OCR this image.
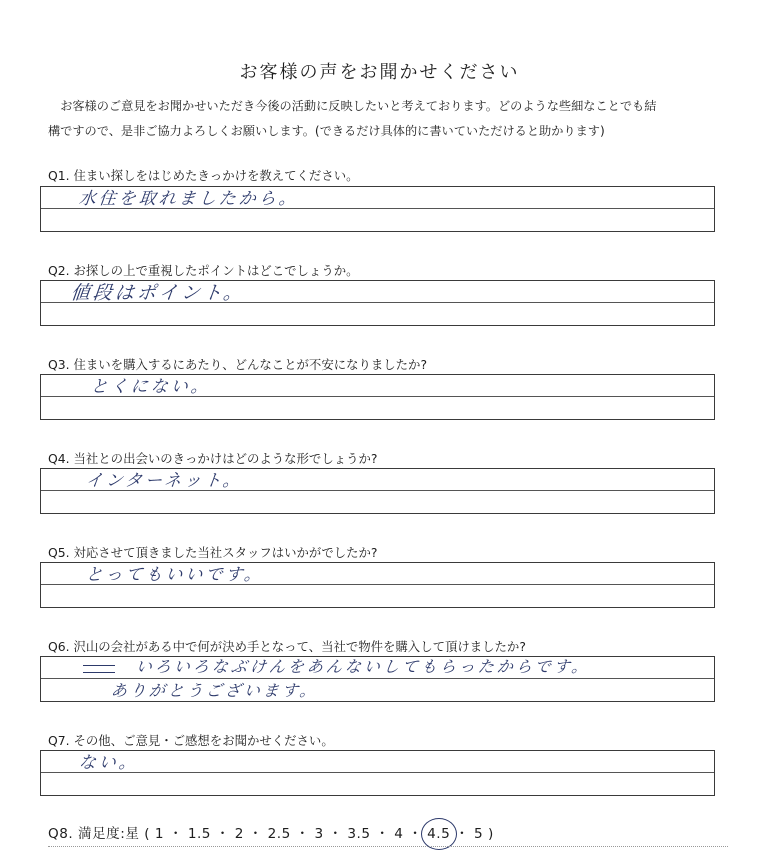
お客様の声をお聞かせください
お客様のご意見をお聞かせいただき今後の活動に反映したいと考えております。どのような些細なことでも結
構ですので、是非ご協力よろしくお願いします。(できるだけ具体的に書いていただけると助かります)
Q1. 住まい探しをはじめたきっかけを教えてください。
水住を取れましたから。
Q2. お探しの上で重視したポイントはどこでしょうか。
値段はポイント。
Q3. 住まいを購入するにあたり、どんなことが不安になりましたか?
とくにない。
Q4. 当社との出会いのきっかけはどのような形でしょうか?
インターネット。
Q5. 対応させて頂きました当社スタッフはいかがでしたか?
とってもいいです。
Q6. 沢山の会社がある中で何が決め手となって、当社で物件を購入して頂けましたか?
いろいろなぶけんをあんないしてもらったからです。
ありがとうございます。
Q7. その他、ご意見・ご感想をお聞かせください。
ない。
Q8. 満足度:星 ( 1 ・ 1.5 ・ 2 ・ 2.5 ・ 3 ・ 3.5 ・ 4 ・ 4.5
・ 5 )
